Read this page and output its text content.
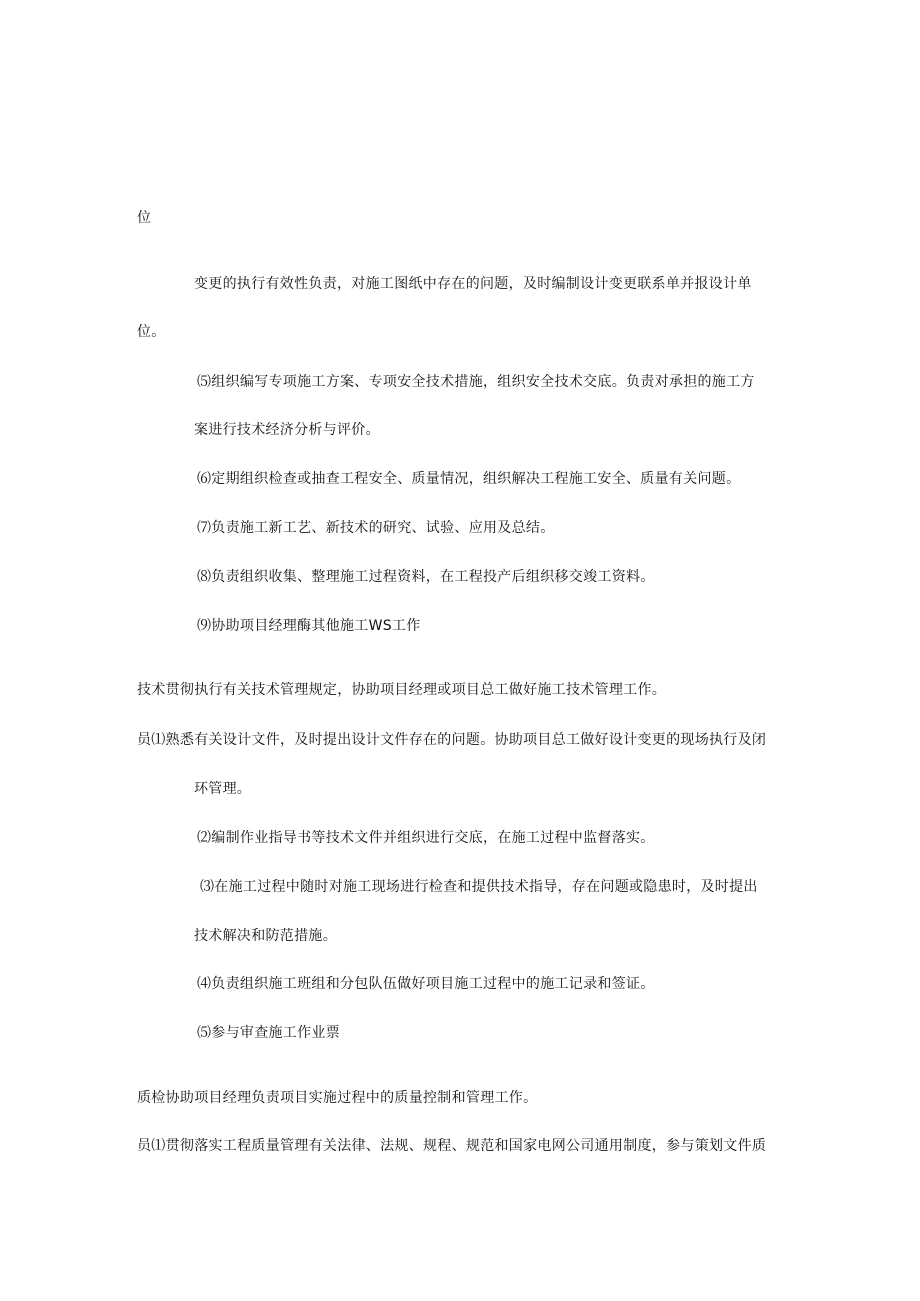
位
变更的执行有效性负责，对施工图纸中存在的问题，及时编制设计变更联系单并报设计单
位。
⑸组织编写专项施工方案、专项安全技术措施，组织安全技术交底。负责对承担的施工方
案进行技术经济分析与评价。
⑹定期组织检查或抽查工程安全、质量情况，组织解决工程施工安全、质量有关问题。
⑺负责施工新工艺、新技术的研究、试验、应用及总结。
⑻负责组织收集、整理施工过程资料，在工程投产后组织移交竣工资料。
⑼协助项目经理酶其他施工WS工作
技术贯彻执行有关技术管理规定，协助项目经理或项目总工做好施工技术管理工作。
员⑴熟悉有关设计文件，及时提出设计文件存在的问题。协助项目总工做好设计变更的现场执行及闭
环管理。
⑵编制作业指导书等技术文件并组织进行交底，在施工过程中监督落实。
⑶在施工过程中随时对施工现场进行检查和提供技术指导，存在问题或隐患时，及时提出
技术解决和防范措施。
⑷负责组织施工班组和分包队伍做好项目施工过程中的施工记录和签证。
⑸参与审查施工作业票
质检协助项目经理负责项目实施过程中的质量控制和管理工作。
员⑴贯彻落实工程质量管理有关法律、法规、规程、规范和国家电网公司通用制度，参与策划文件质
